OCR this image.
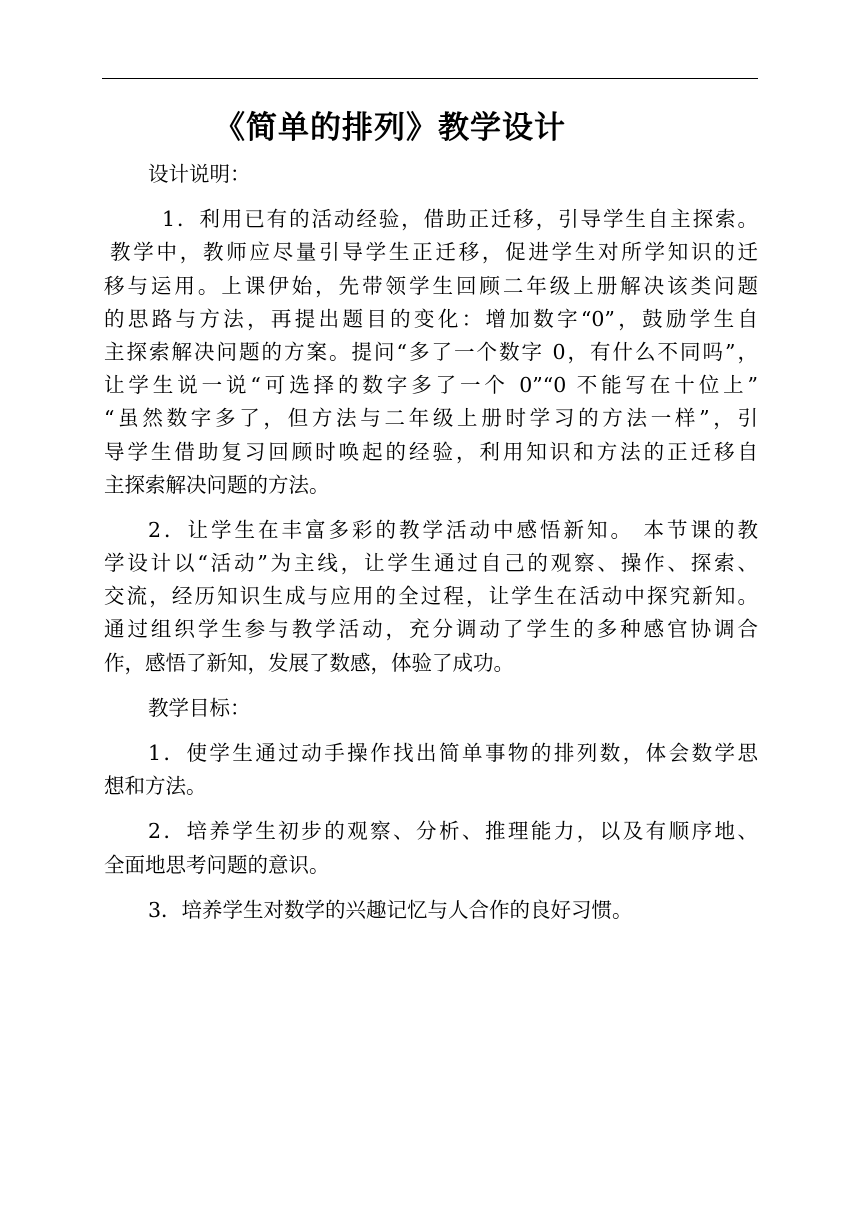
《简单的排列》教学设计
设计说明：
1．利用已有的活动经验，借助正迁移，引导学生自主探索。
教学中，教师应尽量引导学生正迁移，促进学生对所学知识的迁
移与运用。上课伊始，先带领学生回顾二年级上册解决该类问题
的思路与方法，再提出题目的变化：增加数字“0”，鼓励学生自
主探索解决问题的方案。提问“多了一个数字 0，有什么不同吗”，
让学生说一说“可选择的数字多了一个 0”“0 不能写在十位上”
“虽然数字多了，但方法与二年级上册时学习的方法一样”，引
导学生借助复习回顾时唤起的经验，利用知识和方法的正迁移自
主探索解决问题的方法。
2．让学生在丰富多彩的教学活动中感悟新知。 本节课的教
学设计以“活动”为主线，让学生通过自己的观察、操作、探索、
交流，经历知识生成与应用的全过程，让学生在活动中探究新知。
通过组织学生参与教学活动，充分调动了学生的多种感官协调合
作，感悟了新知，发展了数感，体验了成功。
教学目标：
1．使学生通过动手操作找出简单事物的排列数，体会数学思
想和方法。
2．培养学生初步的观察、分析、推理能力，以及有顺序地、
全面地思考问题的意识。
3．培养学生对数学的兴趣记忆与人合作的良好习惯。
